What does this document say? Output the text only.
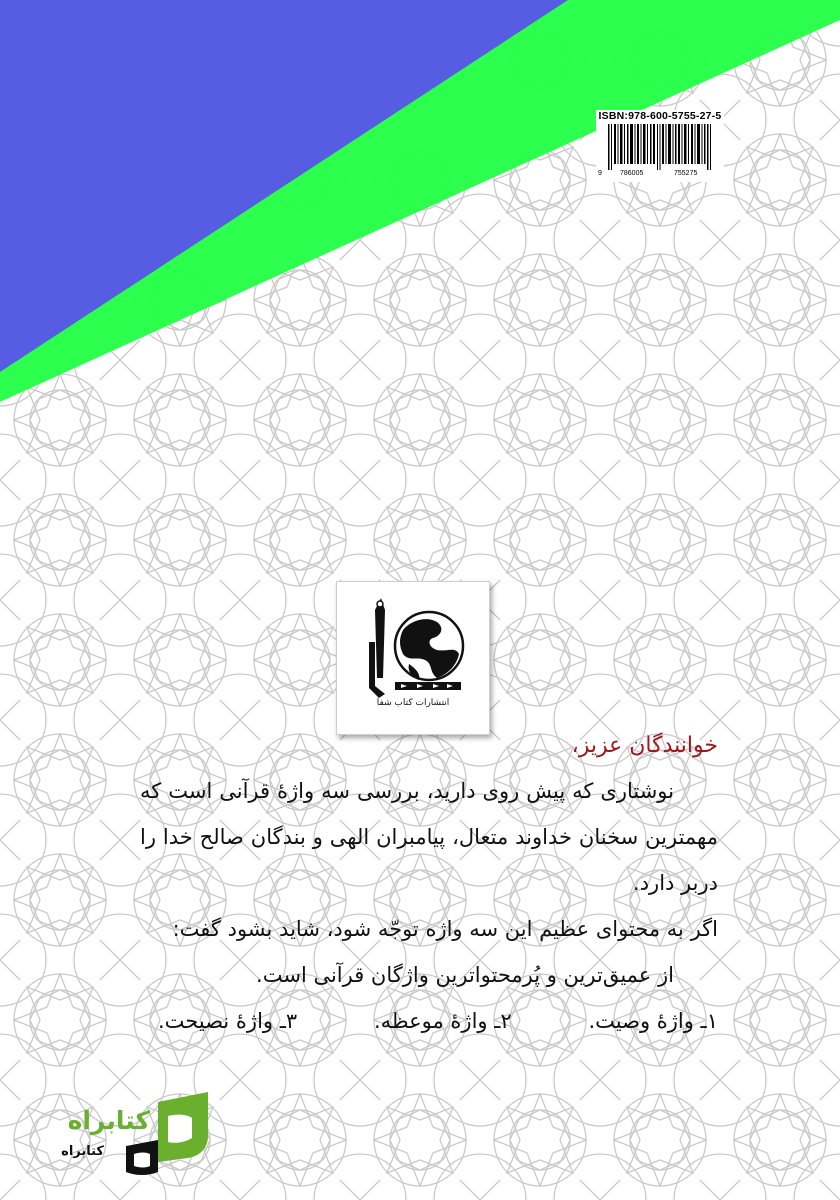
ISBN:978-600-5755-27-5
9	786005	755275
انتشارات کتاب شفا
خوانندگان عزیز،

نوشتاری که پیش روی دارید، بررسی سه واژۀ قرآنی است که مهمترین سخنان خداوند متعال، پیامبران الهی و بندگان صالح خدا را دربر دارد.

اگر به محتوای عظیم این سه واژه توجّه شود، شاید بشود گفت:

از عمیق‌ترین و پُرمحتواترین واژگان قرآنی است.

۱ـ واژۀ وصیت.
۲ـ واژۀ موعظه.
۳ـ واژۀ نصیحت.
کتابراه
کتابراه
